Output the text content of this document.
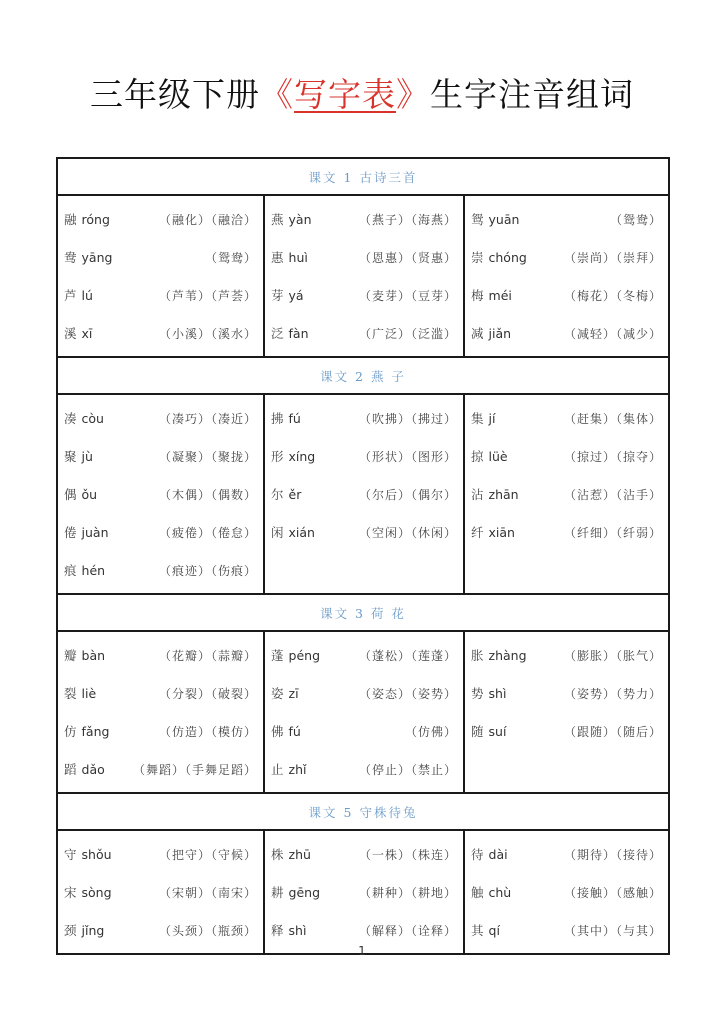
三年级下册《写字表》生字注音组词
课文 1 古诗三首		

融 róng	（融化）（融洽）
鸯 yāng	（鸳鸯）
芦 lú	（芦苇）（芦荟）
溪 xī	（小溪）（溪水）

燕 yàn	（燕子）（海燕）
惠 huì	（恩惠）（贤惠）
芽 yá	（麦芽）（豆芽）
泛 fàn	（广泛）（泛滥）

鸳 yuān	（鸳鸯）
崇 chóng	（崇尚）（崇拜）
梅 méi	（梅花）（冬梅）
减 jiǎn	（减轻）（减少）

课文 2 燕 子		

凑 còu	（凑巧）（凑近）
聚 jù	（凝聚）（聚拢）
偶 ǒu	（木偶）（偶数）
倦 juàn	（疲倦）（倦怠）
痕 hén	（痕迹）（伤痕）

拂 fú	（吹拂）（拂过）
形 xíng	（形状）（图形）
尔 ěr	（尔后）（偶尔）
闲 xián	（空闲）（休闲）

集 jí	（赶集）（集体）
掠 lüè	（掠过）（掠夺）
沾 zhān	（沾惹）（沾手）
纤 xiān	（纤细）（纤弱）

课文 3 荷 花		

瓣 bàn	（花瓣）（蒜瓣）
裂 liè	（分裂）（破裂）
仿 fǎng	（仿造）（模仿）
蹈 dǎo	（舞蹈）（手舞足蹈）

蓬 péng	（蓬松）（莲蓬）
姿 zī	（姿态）（姿势）
佛 fú	（仿佛）
止 zhǐ	（停止）（禁止）

胀 zhàng	（膨胀）（胀气）
势 shì	（姿势）（势力）
随 suí	（跟随）（随后）

课文 5 守株待兔		

守 shǒu	（把守）（守候）
宋 sòng	（宋朝）（南宋）
颈 jǐng	（头颈）（瓶颈）

株 zhū	（一株）（株连）
耕 gēng	（耕种）（耕地）
释 shì	（解释）（诠释）

待 dài	（期待）（接待）
触 chù	（接触）（感触）
其 qí	（其中）（与其）
1
